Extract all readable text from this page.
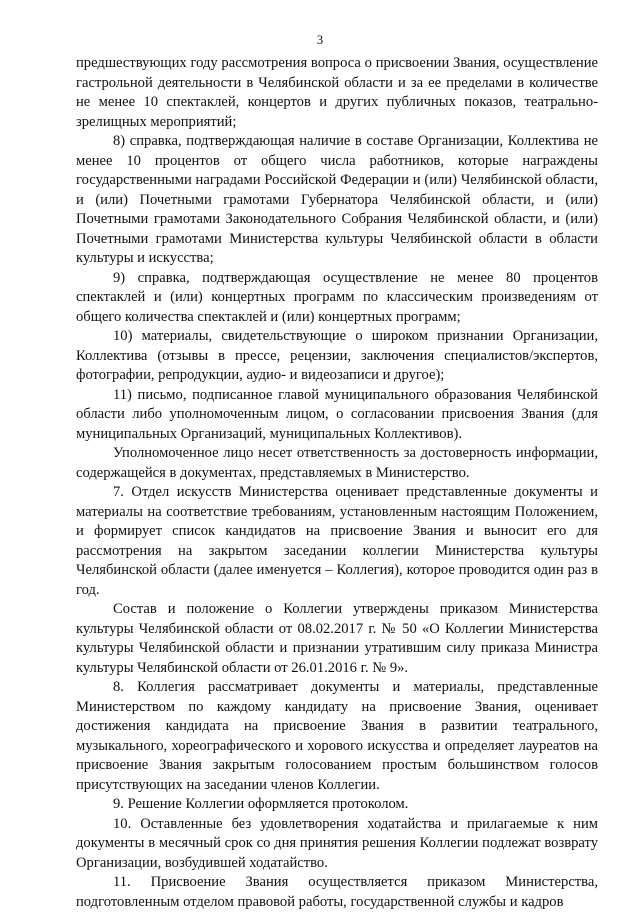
3

предшествующих году рассмотрения вопроса о присвоении Звания, осуществление гастрольной деятельности в Челябинской области и за ее пределами в количестве не менее 10 спектаклей, концертов и других публичных показов, театрально-зрелищных мероприятий;

8) справка, подтверждающая наличие в составе Организации, Коллектива не менее 10 процентов от общего числа работников, которые награждены государственными наградами Российской Федерации и (или) Челябинской области, и (или) Почетными грамотами Губернатора Челябинской области, и (или) Почетными грамотами Законодательного Собрания Челябинской области, и (или) Почетными грамотами Министерства культуры Челябинской области в области культуры и искусства;

9) справка, подтверждающая осуществление не менее 80 процентов спектаклей и (или) концертных программ по классическим произведениям от общего количества спектаклей и (или) концертных программ;

10) материалы, свидетельствующие о широком признании Организации, Коллектива (отзывы в прессе, рецензии, заключения специалистов/экспертов, фотографии, репродукции, аудио- и видеозаписи и другое);

11) письмо, подписанное главой муниципального образования Челябинской области либо уполномоченным лицом, о согласовании присвоения Звания (для муниципальных Организаций, муниципальных Коллективов).

Уполномоченное лицо несет ответственность за достоверность информации, содержащейся в документах, представляемых в Министерство.

7. Отдел искусств Министерства оценивает представленные документы и материалы на соответствие требованиям, установленным настоящим Положением, и формирует список кандидатов на присвоение Звания и выносит его для рассмотрения на закрытом заседании коллегии Министерства культуры Челябинской области (далее именуется – Коллегия), которое проводится один раз в год.

Состав и положение о Коллегии утверждены приказом Министерства культуры Челябинской области от 08.02.2017 г. № 50 «О Коллегии Министерства культуры Челябинской области и признании утратившим силу приказа Министра культуры Челябинской области от 26.01.2016 г. № 9».

8. Коллегия рассматривает документы и материалы, представленные Министерством по каждому кандидату на присвоение Звания, оценивает достижения кандидата на присвоение Звания в развитии театрального, музыкального, хореографического и хорового искусства и определяет лауреатов на присвоение Звания закрытым голосованием простым большинством голосов присутствующих на заседании членов Коллегии.

9. Решение Коллегии оформляется протоколом.

10. Оставленные без удовлетворения ходатайства и прилагаемые к ним документы в месячный срок со дня принятия решения Коллегии подлежат возврату Организации, возбудившей ходатайство.

11. Присвоение Звания осуществляется приказом Министерства, подготовленным отделом правовой работы, государственной службы и кадров
